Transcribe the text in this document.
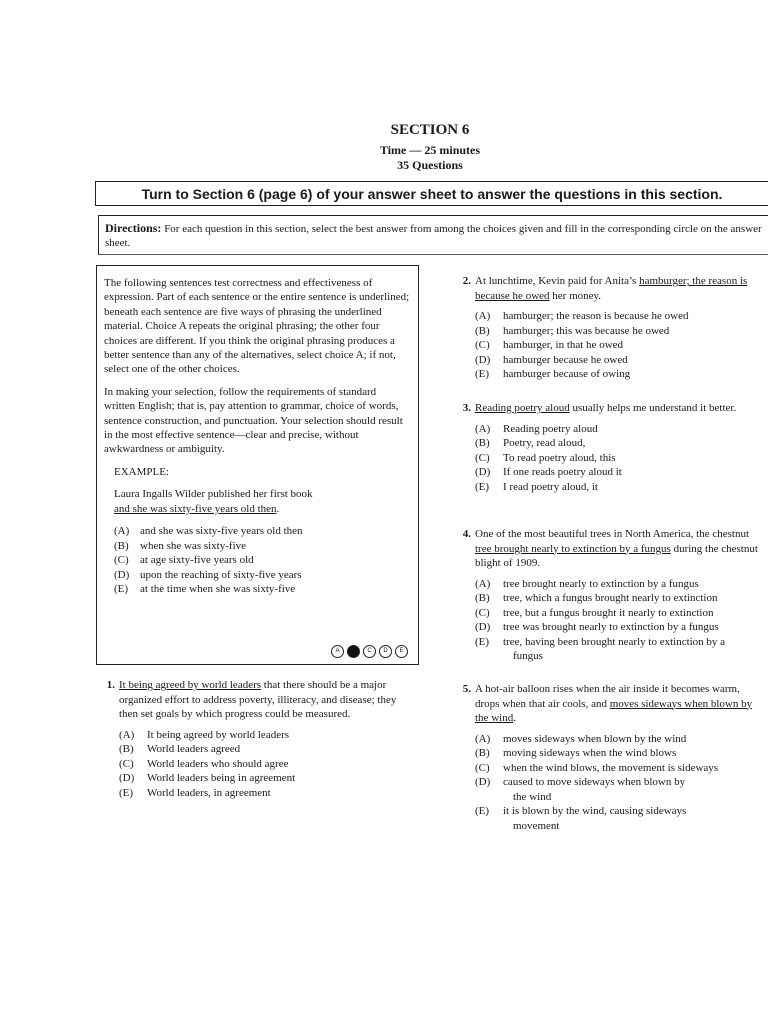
SECTION 6
Time — 25 minutes
35 Questions
Turn to Section 6 (page 6) of your answer sheet to answer the questions in this section.
Directions: For each question in this section, select the best answer from among the choices given and fill in the corresponding circle on the answer sheet.

The following sentences test correctness and effectiveness of expression. Part of each sentence or the entire sentence is underlined; beneath each sentence are five ways of phrasing the underlined material. Choice A repeats the original phrasing; the other four choices are different. If you think the original phrasing produces a better sentence than any of the alternatives, select choice A; if not, select one of the other choices.

In making your selection, follow the requirements of standard written English; that is, pay attention to grammar, choice of words, sentence construction, and punctuation. Your selection should result in the most effective sentence—clear and precise, without awkwardness or ambiguity.

EXAMPLE:

Laura Ingalls Wilder published her first book
and she was sixty-five years old then.

(A) and she was sixty-five years old then
(B) when she was sixty-five
(C) at age sixty-five years old
(D) upon the reaching of sixty-five years
(E) at the time when she was sixty-five
A	B	C	D	E
1. It being agreed by world leaders that there should be a major organized effort to address poverty, illiteracy, and disease; they then set goals by which progress could be measured.

(A) It being agreed by world leaders
(B) World leaders agreed
(C) World leaders who should agree
(D) World leaders being in agreement
(E) World leaders, in agreement
2. At lunchtime, Kevin paid for Anita’s hamburger; the reason is because he owed her money.

(A) hamburger; the reason is because he owed
(B) hamburger; this was because he owed
(C) hamburger, in that he owed
(D) hamburger because he owed
(E) hamburger because of owing
3. Reading poetry aloud usually helps me understand it better.

(A) Reading poetry aloud
(B) Poetry, read aloud,
(C) To read poetry aloud, this
(D) If one reads poetry aloud it
(E) I read poetry aloud, it
4. One of the most beautiful trees in North America, the chestnut tree brought nearly to extinction by a fungus during the chestnut blight of 1909.

(A) tree brought nearly to extinction by a fungus
(B) tree, which a fungus brought nearly to extinction
(C) tree, but a fungus brought it nearly to extinction
(D) tree was brought nearly to extinction by a fungus
(E) tree, having been brought nearly to extinction by a
fungus
5. A hot-air balloon rises when the air inside it becomes warm, drops when that air cools, and moves sideways when blown by the wind.

(A) moves sideways when blown by the wind
(B) moving sideways when the wind blows
(C) when the wind blows, the movement is sideways
(D) caused to move sideways when blown by
the wind
(E) it is blown by the wind, causing sideways
movement
